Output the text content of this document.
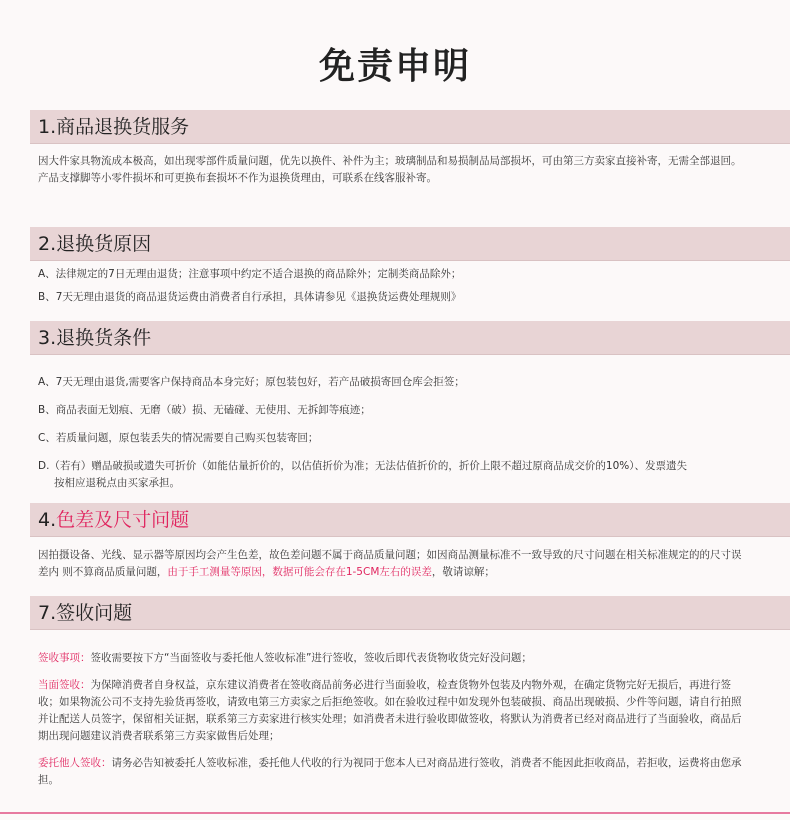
免责申明
1.商品退换货服务

因大件家具物流成本极高，如出现零部件质量问题，优先以换件、补件为主；玻璃制品和易损制品局部损坏，可由第三方卖家直接补寄，无需全部退回。产品支撑脚等小零件损坏和可更换布套损坏不作为退换货理由，可联系在线客服补寄。

2.退换货原因

A、法律规定的7日无理由退货；注意事项中约定不适合退换的商品除外；定制类商品除外；

B、7天无理由退货的商品退货运费由消费者自行承担，具体请参见《退换货运费处理规则》

3.退换货条件

A、7天无理由退货,需要客户保持商品本身完好；原包装包好，若产品破损寄回仓库会拒签；

B、商品表面无划痕、无磨（破）损、无磕碰、无使用、无拆卸等痕迹；

C、若质量问题，原包装丢失的情况需要自己购买包装寄回；

D.（若有）赠品破损或遗失可折价（如能估量折价的，以估值折价为准；无法估值折价的，折价上限不超过原商品成交价的10%）、发票遗失

按相应退税点由买家承担。

4.色差及尺寸问题

因拍摄设备、光线、显示器等原因均会产生色差，故色差问题不属于商品质量问题；如因商品测量标准不一致导致的尺寸问题在相关标准规定的的尺寸误差内 则不算商品质量问题，由于手工测量等原因，数据可能会存在1-5CM左右的误差，敬请谅解；

7.签收问题

签收事项：签收需要按下方“当面签收与委托他人签收标准”进行签收，签收后即代表货物收货完好没问题；

当面签收：为保障消费者自身权益，京东建议消费者在签收商品前务必进行当面验收，检查货物外包装及内物外观，在确定货物完好无损后，再进行签收；如果物流公司不支持先验货再签收，请致电第三方卖家之后拒绝签收。如在验收过程中如发现外包装破损、商品出现破损、少件等问题，请自行拍照并让配送人员签字，保留相关证据，联系第三方卖家进行核实处理；如消费者未进行验收即做签收，将默认为消费者已经对商品进行了当面验收，商品后期出现问题建议消费者联系第三方卖家做售后处理；

委托他人签收：请务必告知被委托人签收标准，委托他人代收的行为视同于您本人已对商品进行签收，消费者不能因此拒收商品，若拒收，运费将由您承担。
